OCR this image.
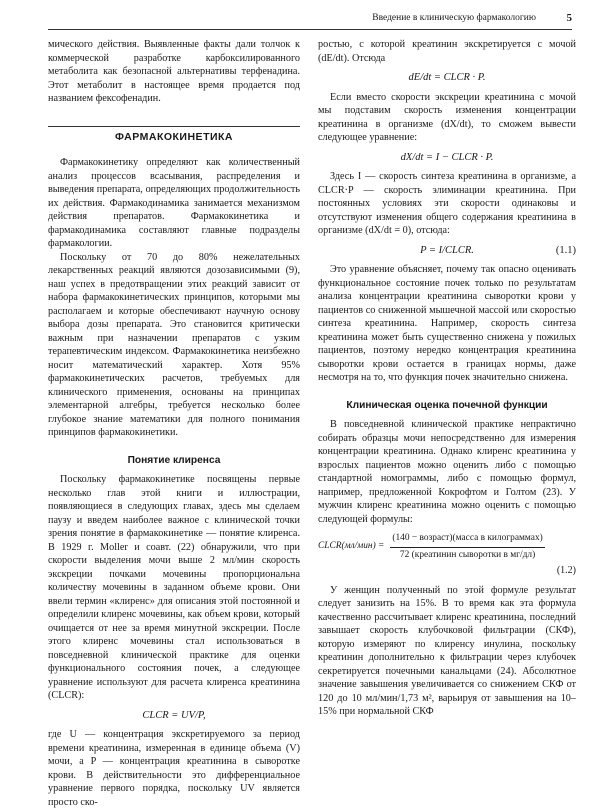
Введение в клиническую фармакологию	5

мического действия. Выявленные факты дали толчок к коммерческой разработке карбоксилированного метаболита как безопасной альтернативы терфенадина. Этот метаболит в настоящее время продается под названием фексофенадин.

ФАРМАКОКИНЕТИКА

Фармакокинетику определяют как количественный анализ процессов всасывания, распределения и выведения препарата, определяющих продолжительность их действия. Фармакодинамика занимается механизмом действия препаратов. Фармакокинетика и фармакодинамика составляют главные подразделы фармакологии.

Поскольку от 70 до 80% нежелательных лекарственных реакций являются дозозависимыми (9), наш успех в предотвращении этих реакций зависит от набора фармакокинетических принципов, которыми мы располагаем и которые обеспечивают научную основу выбора дозы препарата. Это становится критически важным при назначении препаратов с узким терапевтическим индексом. Фармакокинетика неизбежно носит математический характер. Хотя 95% фармакокинетических расчетов, требуемых для клинического применения, основаны на принципах элементарной алгебры, требуется несколько более глубокое знание математики для полного понимания принципов фармакокинетики.

Понятие клиренса

Поскольку фармакокинетике посвящены первые несколько глав этой книги и иллюстрации, появляющиеся в следующих главах, здесь мы сделаем паузу и введем наиболее важное с клинической точки зрения понятие в фармакокинетике — понятие клиренса. В 1929 г. Moller и соавт. (22) обнаружили, что при скорости выделения мочи выше 2 мл/мин скорость экскреции почками мочевины пропорциональна количеству мочевины в заданном объеме крови. Они ввели термин «клиренс» для описания этой постоянной и определили клиренс мочевины, как объем крови, который очищается от нее за время минутной экскреции. После этого клиренс мочевины стал использоваться в повседневной клинической практике для оценки функционального состояния почек, а следующее уравнение используют для расчета клиренса креатинина (CLCR):

CLCR = UV/P,

где U — концентрация экскретируемого за период времени креатинина, измеренная в единице объема (V) мочи, а P — концентрация креатинина в сыворотке крови. В действительности это дифференциальное уравнение первого порядка, поскольку UV является просто ско-

ростью, с которой креатинин экскретируется с мочой (dE/dt). Отсюда

dE/dt = CLCR · P.

Если вместо скорости экскреции креатинина с мочой мы подставим скорость изменения концентрации креатинина в организме (dX/dt), то сможем вывести следующее уравнение:

dX/dt = I − CLCR · P.

Здесь I — скорость синтеза креатинина в организме, а CLCR·P — скорость элиминации креатинина. При постоянных условиях эти скорости одинаковы и отсутствуют изменения общего содержания креатинина в организме (dX/dt = 0), отсюда:

P = I/CLCR.	(1.1)

Это уравнение объясняет, почему так опасно оценивать функциональное состояние почек только по результатам анализа концентрации креатинина сыворотки крови у пациентов со сниженной мышечной массой или скоростью синтеза креатинина. Например, скорость синтеза креатинина может быть существенно снижена у пожилых пациентов, поэтому нередко концентрация креатинина сыворотки крови остается в границах нормы, даже несмотря на то, что функция почек значительно снижена.

Клиническая оценка почечной функции

В повседневной клинической практике непрактично собирать образцы мочи непосредственно для измерения концентрации креатинина. Однако клиренс креатинина у взрослых пациентов можно оценить либо с помощью стандартной номограммы, либо с помощью формул, например, предложенной Кокрофтом и Голтом (23). У мужчин клиренс креатинина можно оценить с помощью следующей формулы:

CLCR(мл/мин) = $\frac{\text{(140 − возраст)(масса в килограммах)}}{\text{72 (креатинин сыворотки в мг/дл)}}$
(1.2)

У женщин полученный по этой формуле результат следует занизить на 15%. В то время как эта формула качественно рассчитывает клиренс креатинина, последний завышает скорость клубочковой фильтрации (СКФ), которую измеряют по клиренсу инулина, поскольку креатинин дополнительно к фильтрации через клубочек секретируется почечными канальцами (24). Абсолютное значение завышения увеличивается со снижением СКФ от 120 до 10 мл/мин/1,73 м², варьируя от завышения на 10–15% при нормальной СКФ
